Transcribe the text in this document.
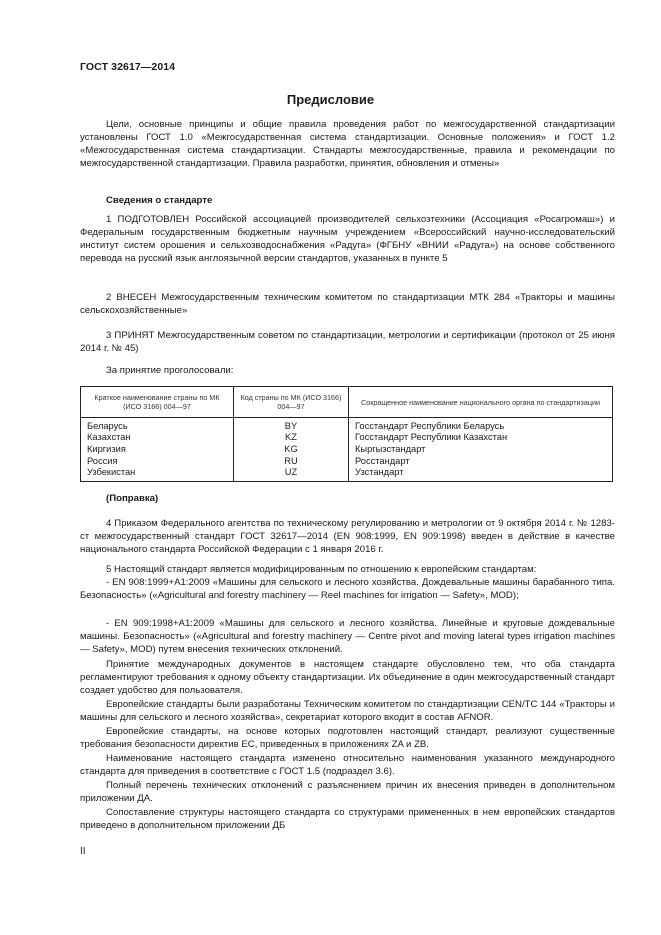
ГОСТ 32617—2014
Предисловие

Цели, основные принципы и общие правила проведения работ по межгосударственной стандартизации установлены ГОСТ 1.0 «Межгосударственная система стандартизации. Основные положения» и ГОСТ 1.2 «Межгосударственная система стандартизации. Стандарты межгосударственные, правила и рекомендации по межгосударственной стандартизации. Правила разработки, принятия, обновления и отмены»

Сведения о стандарте

1 ПОДГОТОВЛЕН Российской ассоциацией производителей сельхозтехники (Ассоциация «Росагромаш») и Федеральным государственным бюджетным научным учреждением «Всероссийский научно-исследовательский институт систем орошения и сельхозводоснабжения «Радуга» (ФГБНУ «ВНИИ «Радуга») на основе собственного перевода на русский язык англоязычной версии стандартов, указанных в пункте 5

2 ВНЕСЕН Межгосударственным техническим комитетом по стандартизации МТК 284 «Тракторы и машины сельскохозяйственные»

3 ПРИНЯТ Межгосударственным советом по стандартизации, метрологии и сертификации (протокол от 25 июня 2014 г. № 45)

За принятие проголосовали:

Краткое наименование страны по МК (ИСО 3166) 004—97	Код страны по МК (ИСО 3166) 004—97	Сокращенное наименование национального органа по стандартизации
Беларусь	BY	Госстандарт Республики Беларусь
Казахстан	KZ	Госстандарт Республики Казахстан
Киргизия	KG	Кыргызстандарт
Россия	RU	Росстандарт
Узбекистан	UZ	Узстандарт

(Поправка)

4 Приказом Федерального агентства по техническому регулированию и метрологии от 9 октября 2014 г. № 1283-ст межгосударственный стандарт ГОСТ 32617—2014 (EN 908:1999, EN 909:1998) введен в действие в качестве национального стандарта Российской Федерации с 1 января 2016 г.

5 Настоящий стандарт является модифицированным по отношению к европейским стандартам:

- EN 908:1999+A1:2009 «Машины для сельского и лесного хозяйства. Дождевальные машины барабанного типа. Безопасность» («Agricultural and forestry machinery — Reel machines for irrigation — Safety», MOD);

- EN 909:1998+A1:2009 «Машины для сельского и лесного хозяйства. Линейные и круговые дождевальные машины. Безопасность» («Agricultural and forestry machinery — Centre pivot and moving lateral types irrigation machines — Safety», MOD) путем внесения технических отклонений.

Принятие международных документов в настоящем стандарте обусловлено тем, что оба стандарта регламентируют требования к одному объекту стандартизации. Их объединение в один межгосударственный стандарт создает удобство для пользователя.

Европейские стандарты были разработаны Техническим комитетом по стандартизации CEN/TC 144 «Тракторы и машины для сельского и лесного хозяйства», секретариат которого входит в состав AFNOR.

Европейские стандарты, на основе которых подготовлен настоящий стандарт, реализуют существенные требования безопасности директив ЕС, приведенных в приложениях ZA и ZB.

Наименование настоящего стандарта изменено относительно наименования указанного международного стандарта для приведения в соответствие с ГОСТ 1.5 (подраздел 3.6).

Полный перечень технических отклонений с разъяснением причин их внесения приведен в дополнительном приложении ДА.

Сопоставление структуры настоящего стандарта со структурами примененных в нем европейских стандартов приведено в дополнительном приложении ДБ

II
